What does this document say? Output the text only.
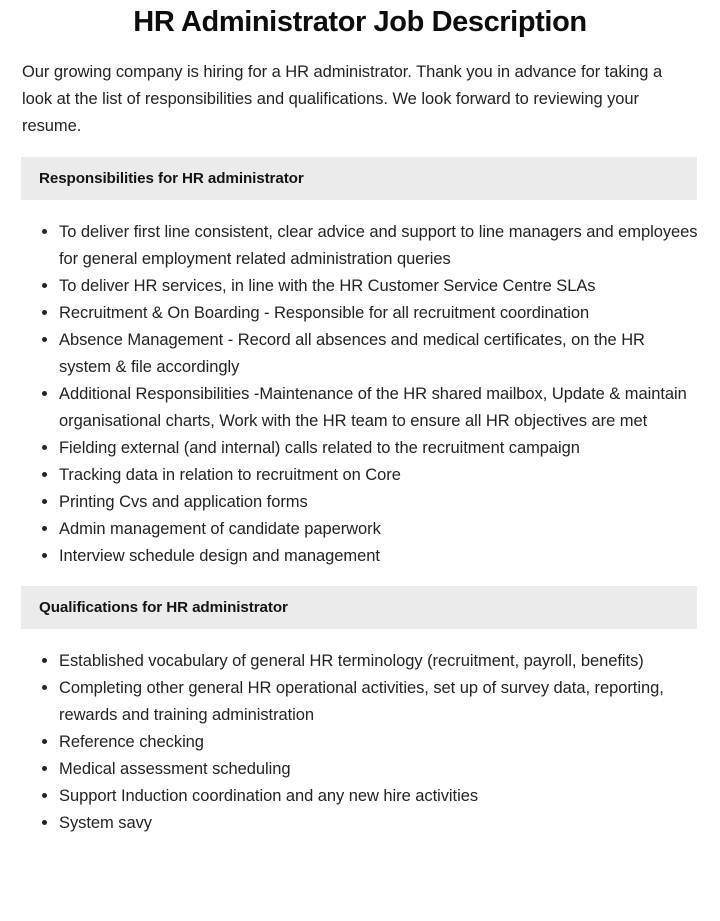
HR Administrator Job Description

Our growing company is hiring for a HR administrator. Thank you in advance for taking a look at the list of responsibilities and qualifications. We look forward to reviewing your resume.

Responsibilities for HR administrator
To deliver first line consistent, clear advice and support to line managers and employees for general employment related administration queries
To deliver HR services, in line with the HR Customer Service Centre SLAs
Recruitment & On Boarding - Responsible for all recruitment coordination
Absence Management - Record all absences and medical certificates, on the HR system & file accordingly
Additional Responsibilities -Maintenance of the HR shared mailbox, Update & maintain organisational charts, Work with the HR team to ensure all HR objectives are met
Fielding external (and internal) calls related to the recruitment campaign
Tracking data in relation to recruitment on Core
Printing Cvs and application forms
Admin management of candidate paperwork
Interview schedule design and management
Qualifications for HR administrator
Established vocabulary of general HR terminology (recruitment, payroll, benefits)
Completing other general HR operational activities, set up of survey data, reporting, rewards and training administration
Reference checking
Medical assessment scheduling
Support Induction coordination and any new hire activities
System savy
